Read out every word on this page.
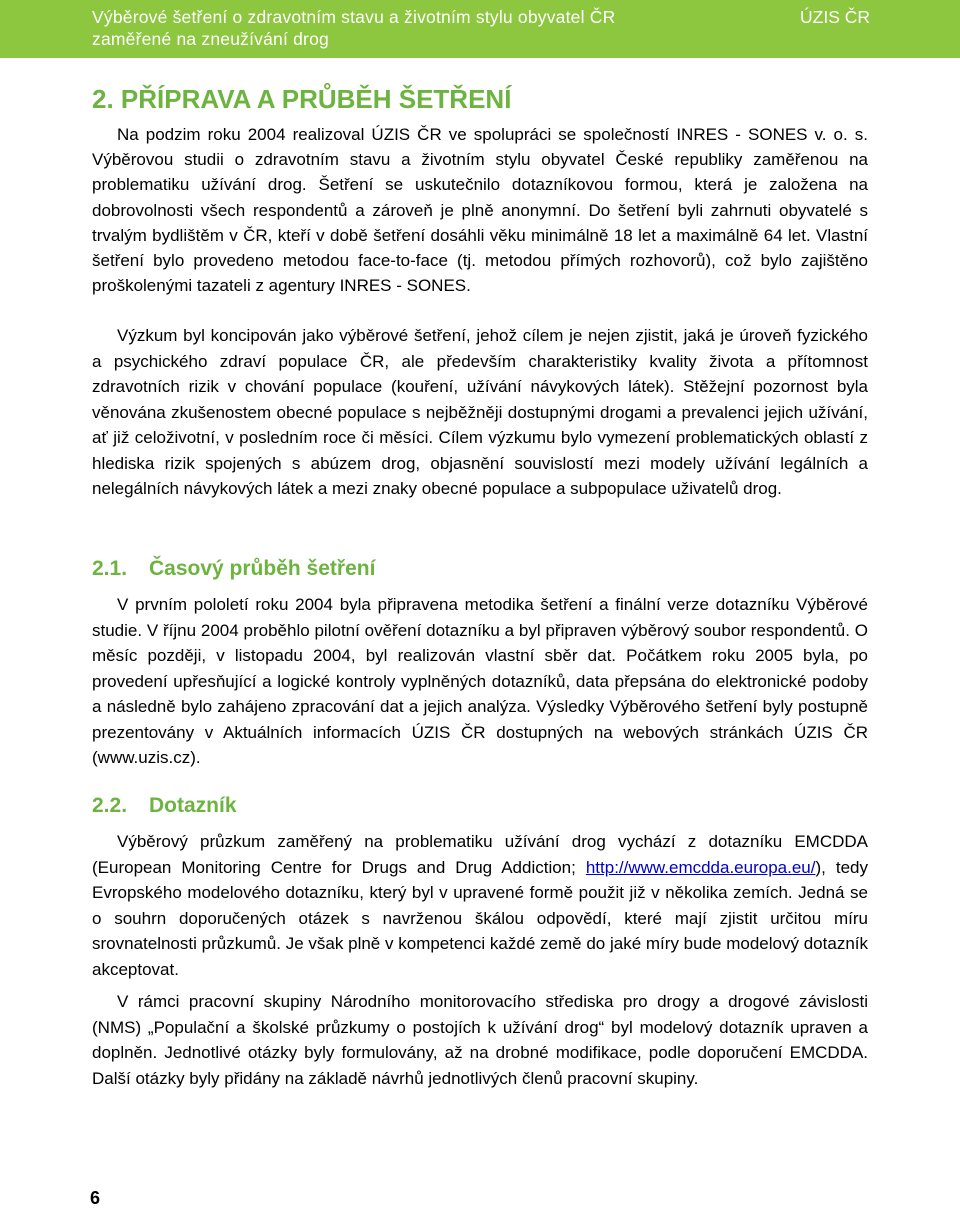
Výběrové šetření o zdravotním stavu a životním stylu obyvatel ČR
zaměřené na zneužívání drog
ÚZIS ČR
2. PŘÍPRAVA A PRŮBĚH ŠETŘENÍ

Na podzim roku 2004 realizoval ÚZIS ČR ve spolupráci se společností INRES - SONES v. o. s. Výběrovou studii o zdravotním stavu a životním stylu obyvatel České republiky zaměřenou na problematiku užívání drog. Šetření se uskutečnilo dotazníkovou formou, která je založena na dobrovolnosti všech respondentů a zároveň je plně anonymní. Do šetření byli zahrnuti obyvatelé s trvalým bydlištěm v ČR, kteří v době šetření dosáhli věku minimálně 18 let a maximálně 64 let. Vlastní šetření bylo provedeno metodou face-to-face (tj. metodou přímých rozhovorů), což bylo zajištěno proškolenými tazateli z agentury INRES - SONES.

Výzkum byl koncipován jako výběrové šetření, jehož cílem je nejen zjistit, jaká je úroveň fyzického a psychického zdraví populace ČR, ale především charakteristiky kvality života a přítomnost zdravotních rizik v chování populace (kouření, užívání návykových látek). Stěžejní pozornost byla věnována zkušenostem obecné populace s nejběžněji dostupnými drogami a prevalenci jejich užívání, ať již celoživotní, v posledním roce či měsíci. Cílem výzkumu bylo vymezení problematických oblastí z hlediska rizik spojených s abúzem drog, objasnění souvislostí mezi modely užívání legálních a nelegálních návykových látek a mezi znaky obecné populace a subpopulace uživatelů drog.

2.1. Časový průběh šetření

V prvním pololetí roku 2004 byla připravena metodika šetření a finální verze dotazníku Výběrové studie. V říjnu 2004 proběhlo pilotní ověření dotazníku a byl připraven výběrový soubor respondentů. O měsíc později, v listopadu 2004, byl realizován vlastní sběr dat. Počátkem roku 2005 byla, po provedení upřesňující a logické kontroly vyplněných dotazníků, data přepsána do elektronické podoby a následně bylo zahájeno zpracování dat a jejich analýza. Výsledky Výběrového šetření byly postupně prezentovány v Aktuálních informacích ÚZIS ČR dostupných na webových stránkách ÚZIS ČR (www.uzis.cz).

2.2. Dotazník

Výběrový průzkum zaměřený na problematiku užívání drog vychází z dotazníku EMCDDA (European Monitoring Centre for Drugs and Drug Addiction; http://www.emcdda.europa.eu/), tedy Evropského modelového dotazníku, který byl v upravené formě použit již v několika zemích. Jedná se o souhrn doporučených otázek s navrženou škálou odpovědí, které mají zjistit určitou míru srovnatelnosti průzkumů. Je však plně v kompetenci každé země do jaké míry bude modelový dotazník akceptovat.

V rámci pracovní skupiny Národního monitorovacího střediska pro drogy a drogové závislosti (NMS) „Populační a školské průzkumy o postojích k užívání drog“ byl modelový dotazník upraven a doplněn. Jednotlivé otázky byly formulovány, až na drobné modifikace, podle doporučení EMCDDA. Další otázky byly přidány na základě návrhů jednotlivých členů pracovní skupiny.

6
